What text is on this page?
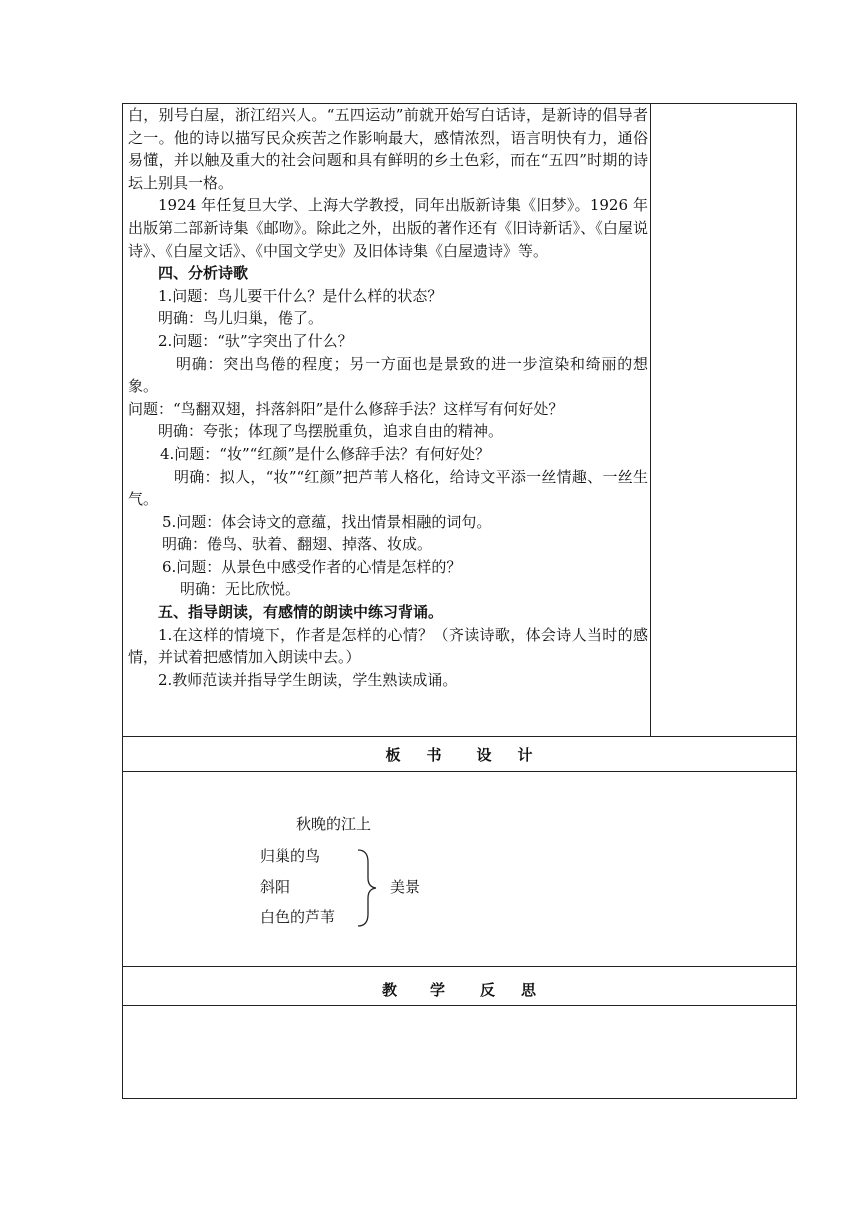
白，别号白屋，浙江绍兴人。“五四运动”前就开始写白话诗，是新诗的倡导者之一。他的诗以描写民众疾苦之作影响最大，感情浓烈，语言明快有力，通俗易懂，并以触及重大的社会问题和具有鲜明的乡土色彩，而在“五四”时期的诗坛上别具一格。

1924 年任复旦大学、上海大学教授，同年出版新诗集《旧梦》。1926 年出版第二部新诗集《邮吻》。除此之外，出版的著作还有《旧诗新话》、《白屋说诗》、《白屋文话》、《中国文学史》及旧体诗集《白屋遗诗》等。

四、分析诗歌

1.问题：鸟儿要干什么？是什么样的状态？

明确：鸟儿归巢，倦了。

2.问题：“驮”字突出了什么？

明确：突出鸟倦的程度；另一方面也是景致的进一步渲染和绮丽的想象。

问题：“鸟翻双翅，抖落斜阳”是什么修辞手法？这样写有何好处？

明确：夸张；体现了鸟摆脱重负，追求自由的精神。

4.问题：“妆”“红颜”是什么修辞手法？有何好处？

明确：拟人，“妆”“红颜”把芦苇人格化，给诗文平添一丝情趣、一丝生气。

5.问题：体会诗文的意蕴，找出情景相融的词句。

明确：倦鸟、驮着、翻翅、掉落、妆成。

6.问题：从景色中感受作者的心情是怎样的？

明确：无比欣悦。

五、指导朗读，有感情的朗读中练习背诵。

1.在这样的情境下，作者是怎样的心情？（齐读诗歌，体会诗人当时的感情，并试着把感情加入朗读中去。）

2.教师范读并指导学生朗读，学生熟读成诵。

板 书 设 计
秋晚的江上
归巢的鸟
斜阳
白色的芦苇
美景
教 学 反 思
